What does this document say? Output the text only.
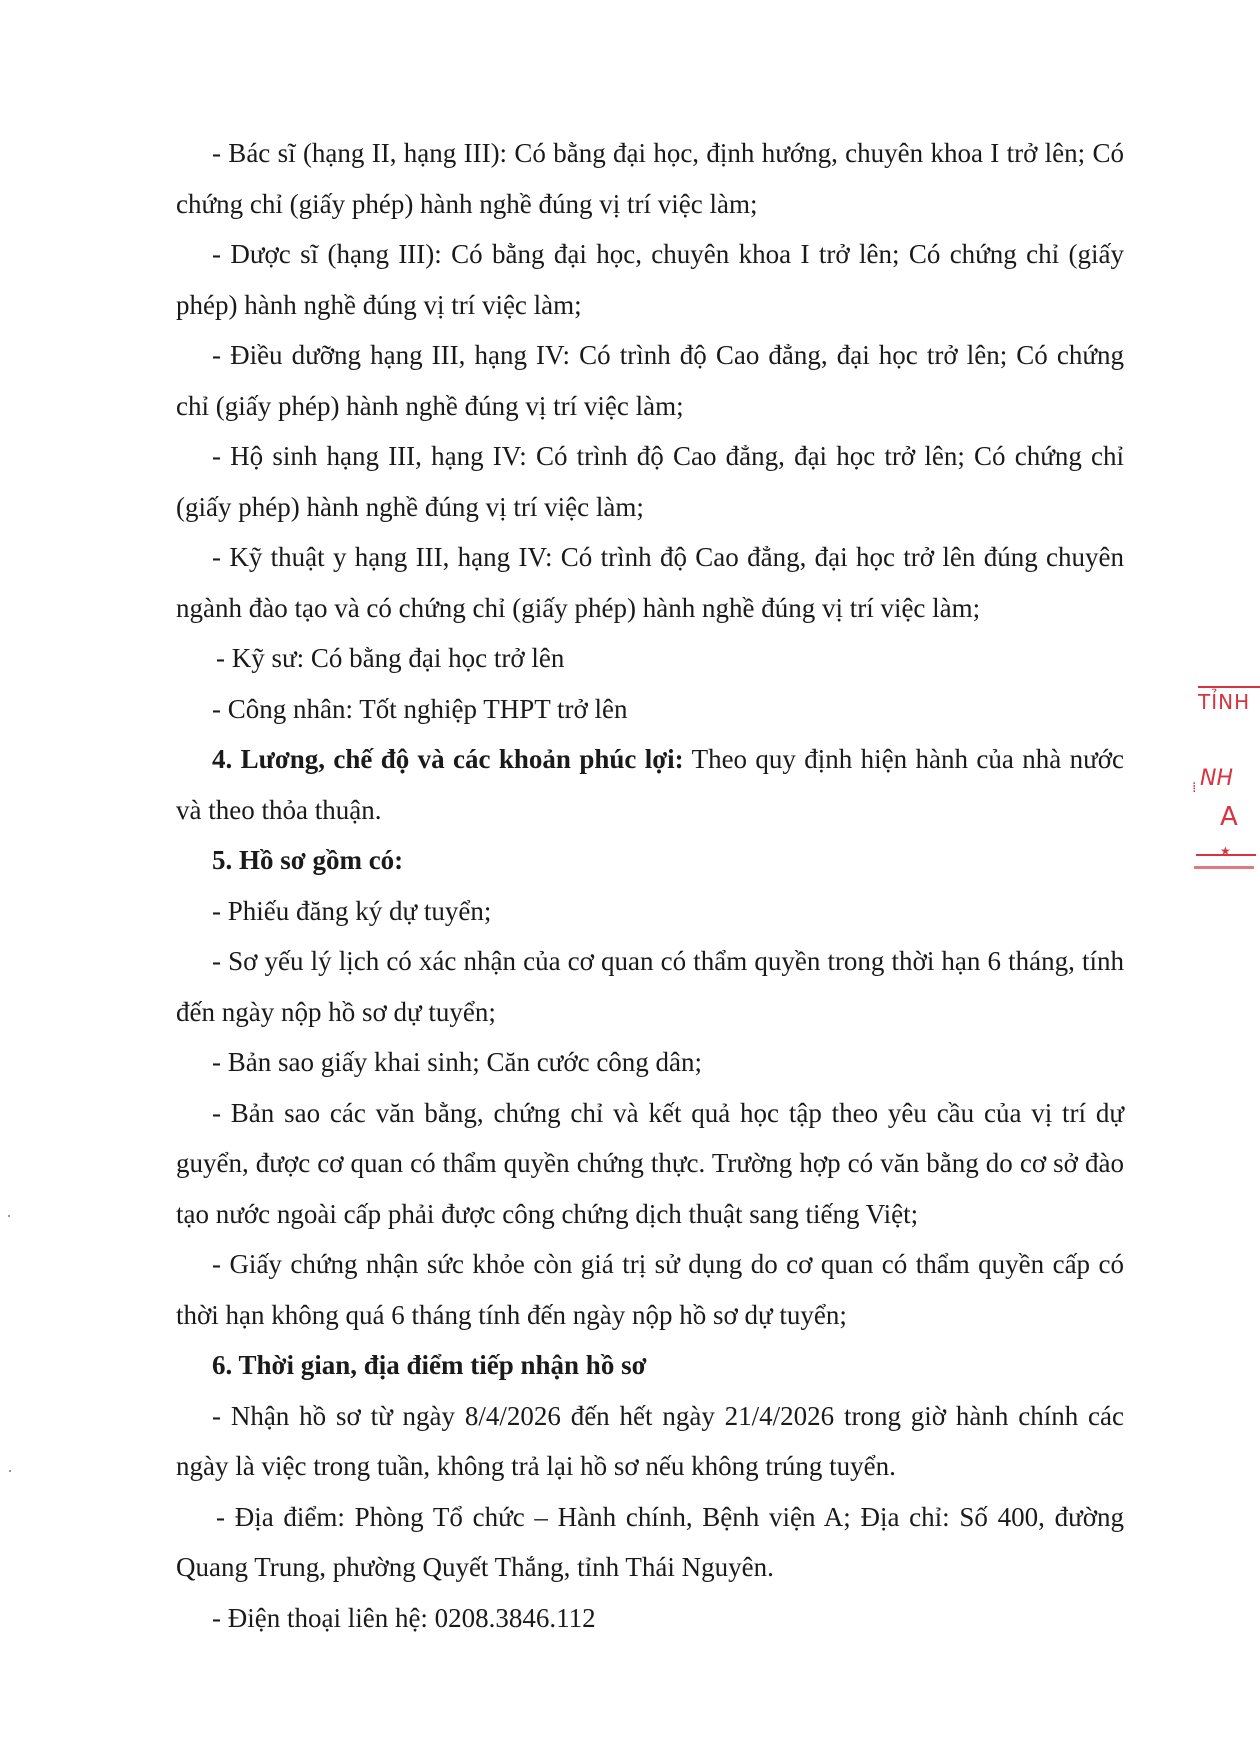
- Bác sĩ (hạng II, hạng III): Có bằng đại học, định hướng, chuyên khoa I trở lên; Có chứng chỉ (giấy phép) hành nghề đúng vị trí việc làm;

- Dược sĩ (hạng III): Có bằng đại học, chuyên khoa I trở lên; Có chứng chỉ (giấy phép) hành nghề đúng vị trí việc làm;

- Điều dưỡng hạng III, hạng IV: Có trình độ Cao đẳng, đại học trở lên; Có chứng chỉ (giấy phép) hành nghề đúng vị trí việc làm;

- Hộ sinh hạng III, hạng IV: Có trình độ Cao đẳng, đại học trở lên; Có chứng chỉ (giấy phép) hành nghề đúng vị trí việc làm;

- Kỹ thuật y hạng III, hạng IV: Có trình độ Cao đẳng, đại học trở lên đúng chuyên ngành đào tạo và có chứng chỉ (giấy phép) hành nghề đúng vị trí việc làm;

- Kỹ sư: Có bằng đại học trở lên

- Công nhân: Tốt nghiệp THPT trở lên

4. Lương, chế độ và các khoản phúc lợi: Theo quy định hiện hành của nhà nước và theo thỏa thuận.

5. Hồ sơ gồm có:

- Phiếu đăng ký dự tuyển;

- Sơ yếu lý lịch có xác nhận của cơ quan có thẩm quyền trong thời hạn 6 tháng, tính đến ngày nộp hồ sơ dự tuyển;

- Bản sao giấy khai sinh; Căn cước công dân;

- Bản sao các văn bằng, chứng chỉ và kết quả học tập theo yêu cầu của vị trí dự guyển, được cơ quan có thẩm quyền chứng thực. Trường hợp có văn bằng do cơ sở đào tạo nước ngoài cấp phải được công chứng dịch thuật sang tiếng Việt;

- Giấy chứng nhận sức khỏe còn giá trị sử dụng do cơ quan có thẩm quyền cấp có thời hạn không quá 6 tháng tính đến ngày nộp hồ sơ dự tuyển;

6. Thời gian, địa điểm tiếp nhận hồ sơ

- Nhận hồ sơ từ ngày 8/4/2026 đến hết ngày 21/4/2026 trong giờ hành chính các ngày là việc trong tuần, không trả lại hồ sơ nếu không trúng tuyển.

- Địa điểm: Phòng Tổ chức – Hành chính, Bệnh viện A; Địa chỉ: Số 400, đường Quang Trung, phường Quyết Thắng, tỉnh Thái Nguyên.

- Điện thoại liên hệ: 0208.3846.112

TỈNH
⁞ NH
A
★
